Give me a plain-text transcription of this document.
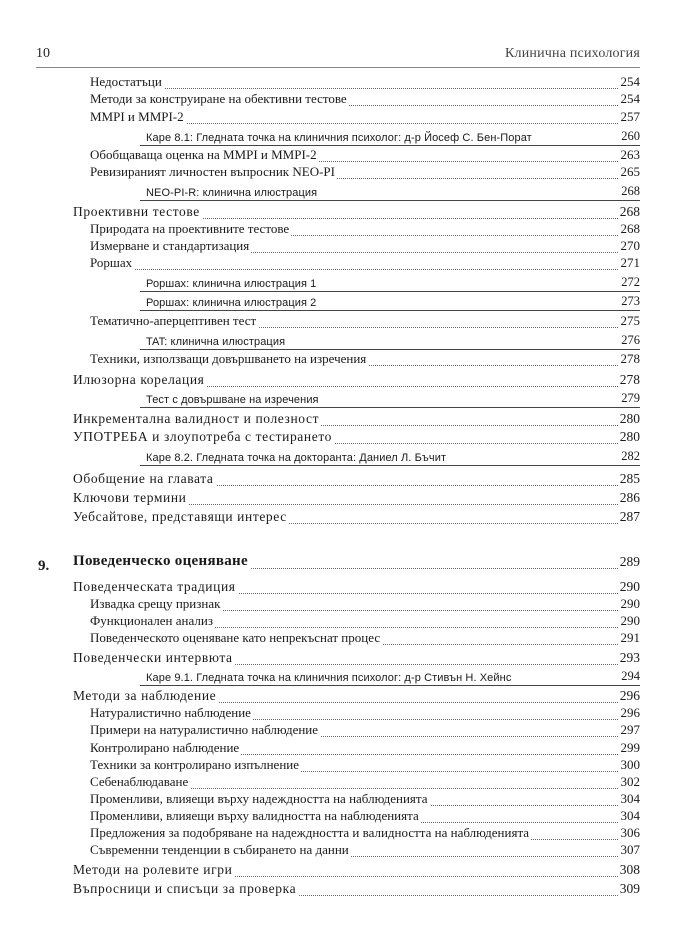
10	Клинична психология
Недостатъци	254
Методи за конструиране на обективни тестове	254
MMPI и MMPI-2	257
Каре 8.1: Гледната точка на клиничния психолог: д-р Йосеф С. Бен-Порат	260
Обобщаваща оценка на MMPI и MMPI-2	263
Ревизираният личностен въпросник NEO-PI	265
NEO-PI-R: клинична илюстрация	268
Проективни тестове	268
Природата на проективните тестове	268
Измерване и стандартизация	270
Роршах	271
Роршах: клинична илюстрация 1	272
Роршах: клинична илюстрация 2	273
Тематично-аперцептивен тест	275
TAT: клинична илюстрация	276
Техники, използващи довършването на изречения	278
Илюзорна корелация	278
Тест с довършване на изречения	279
Инкрементална валидност и полезност	280
УПОТРЕБА и злоупотреба с тестирането	280
Каре 8.2. Гледната точка на докторанта: Даниел Л. Бъчит	282
Обобщение на главата	285
Ключови термини	286
Уебсайтове, представящи интерес	287
Поведенческо оценяване	289
Поведенческата традиция	290
Извадка срещу признак	290
Функционален анализ	290
Поведенческото оценяване като непрекъснат процес	291
Поведенчески интервюта	293
Каре 9.1. Гледната точка на клиничния психолог: д-р Стивън Н. Хейнс	294
Методи за наблюдение	296
Натуралистично наблюдение	296
Примери на натуралистично наблюдение	297
Контролирано наблюдение	299
Техники за контролирано изпълнение	300
Себенаблюдаване	302
Променливи, влияещи върху надеждността на наблюденията	304
Променливи, влияещи върху валидността на наблюденията	304
Предложения за подобряване на надеждността и валидността на наблюденията	306
Съвременни тенденции в събирането на данни	307
Методи на ролевите игри	308
Въпросници и списъци за проверка	309
9.
